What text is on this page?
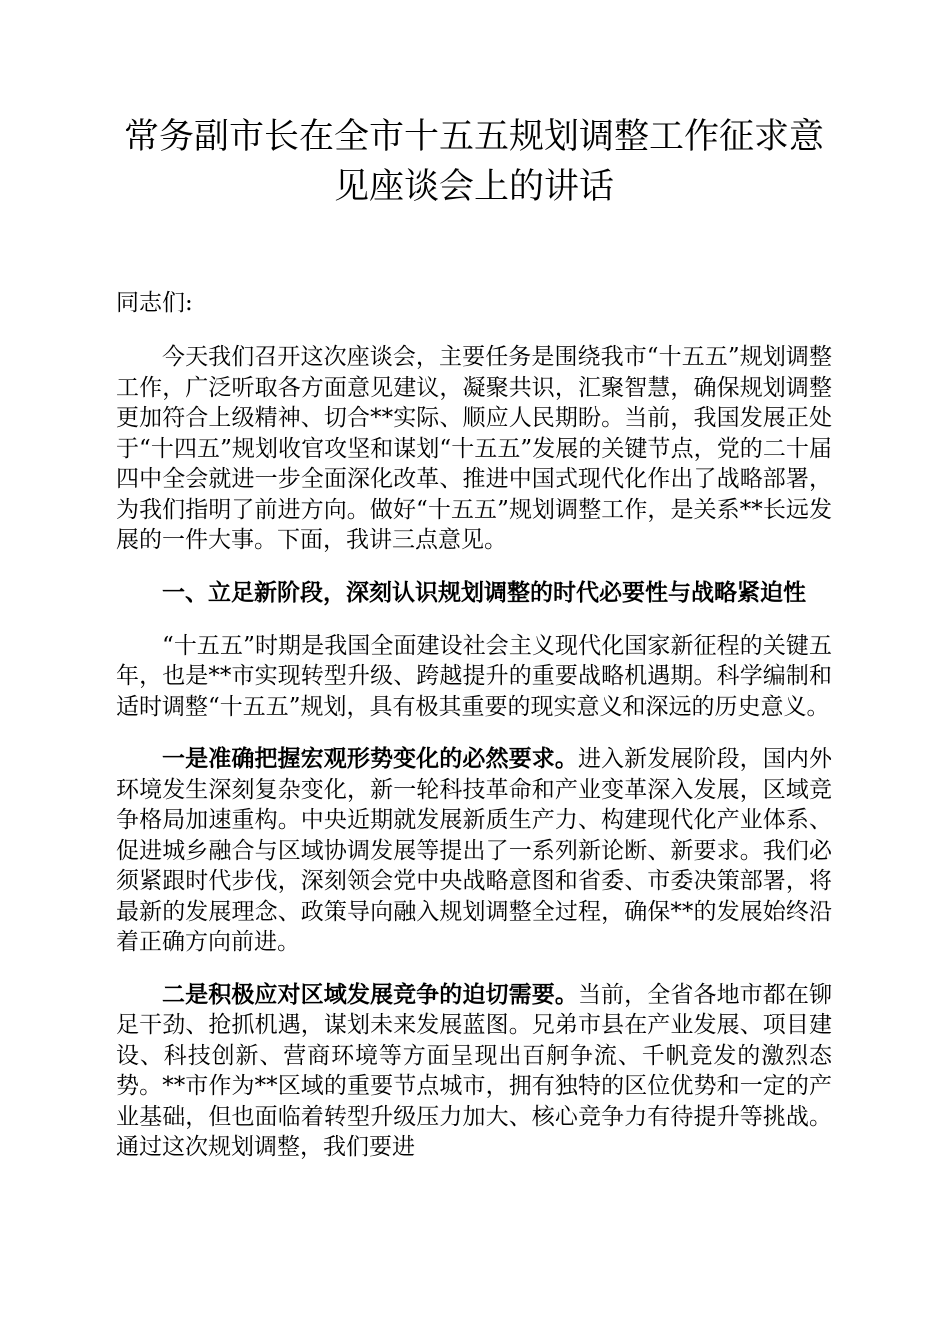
常务副市长在全市十五五规划调整工作征求意见座谈会上的讲话

同志们:

今天我们召开这次座谈会，主要任务是围绕我市“十五五”规划调整工作，广泛听取各方面意见建议，凝聚共识，汇聚智慧，确保规划调整更加符合上级精神、切合**实际、顺应人民期盼。当前，我国发展正处于“十四五”规划收官攻坚和谋划“十五五”发展的关键节点，党的二十届四中全会就进一步全面深化改革、推进中国式现代化作出了战略部署，为我们指明了前进方向。做好“十五五”规划调整工作，是关系**长远发展的一件大事。下面，我讲三点意见。

一、立足新阶段，深刻认识规划调整的时代必要性与战略紧迫性

“十五五”时期是我国全面建设社会主义现代化国家新征程的关键五年，也是**市实现转型升级、跨越提升的重要战略机遇期。科学编制和适时调整“十五五”规划，具有极其重要的现实意义和深远的历史意义。

一是准确把握宏观形势变化的必然要求。进入新发展阶段，国内外环境发生深刻复杂变化，新一轮科技革命和产业变革深入发展，区域竞争格局加速重构。中央近期就发展新质生产力、构建现代化产业体系、促进城乡融合与区域协调发展等提出了一系列新论断、新要求。我们必须紧跟时代步伐，深刻领会党中央战略意图和省委、市委决策部署，将最新的发展理念、政策导向融入规划调整全过程，确保**的发展始终沿着正确方向前进。

二是积极应对区域发展竞争的迫切需要。当前，全省各地市都在铆足干劲、抢抓机遇，谋划未来发展蓝图。兄弟市县在产业发展、项目建设、科技创新、营商环境等方面呈现出百舸争流、千帆竞发的激烈态势。**市作为**区域的重要节点城市，拥有独特的区位优势和一定的产业基础，但也面临着转型升级压力加大、核心竞争力有待提升等挑战。通过这次规划调整，我们要进
